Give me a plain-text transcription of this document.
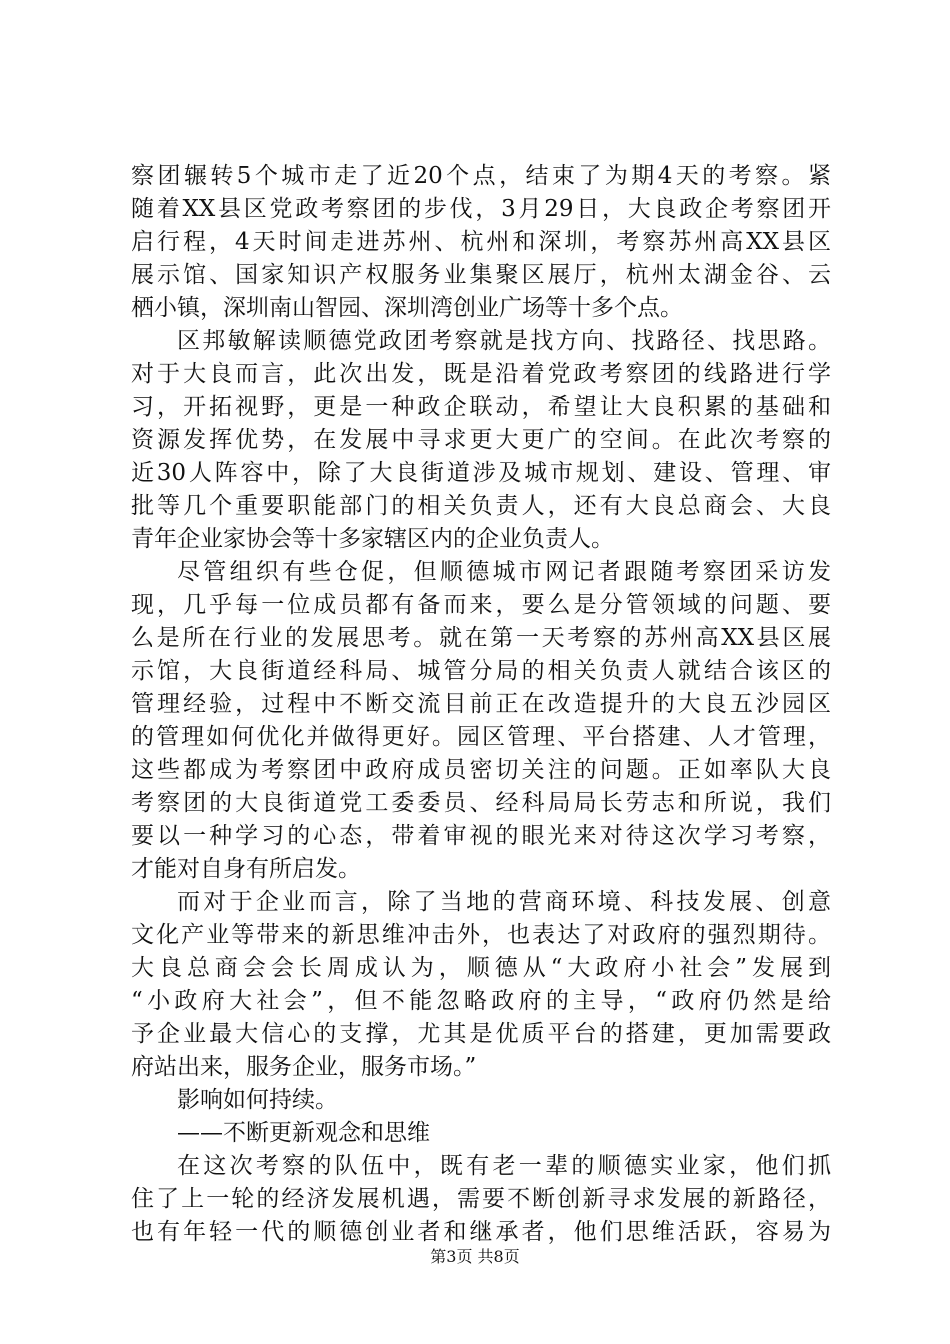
察团辗转5个城市走了近20个点，结束了为期4天的考察。紧
随着XX县区党政考察团的步伐，3月29日，大良政企考察团开
启行程，4天时间走进苏州、杭州和深圳，考察苏州高XX县区
展示馆、国家知识产权服务业集聚区展厅，杭州太湖金谷、云
栖小镇，深圳南山智园、深圳湾创业广场等十多个点。
区邦敏解读顺德党政团考察就是找方向、找路径、找思路。
对于大良而言，此次出发，既是沿着党政考察团的线路进行学
习，开拓视野，更是一种政企联动，希望让大良积累的基础和
资源发挥优势，在发展中寻求更大更广的空间。在此次考察的
近30人阵容中，除了大良街道涉及城市规划、建设、管理、审
批等几个重要职能部门的相关负责人，还有大良总商会、大良
青年企业家协会等十多家辖区内的企业负责人。
尽管组织有些仓促，但顺德城市网记者跟随考察团采访发
现，几乎每一位成员都有备而来，要么是分管领域的问题、要
么是所在行业的发展思考。就在第一天考察的苏州高XX县区展
示馆，大良街道经科局、城管分局的相关负责人就结合该区的
管理经验，过程中不断交流目前正在改造提升的大良五沙园区
的管理如何优化并做得更好。园区管理、平台搭建、人才管理，
这些都成为考察团中政府成员密切关注的问题。正如率队大良
考察团的大良街道党工委委员、经科局局长劳志和所说，我们
要以一种学习的心态，带着审视的眼光来对待这次学习考察，
才能对自身有所启发。
而对于企业而言，除了当地的营商环境、科技发展、创意
文化产业等带来的新思维冲击外，也表达了对政府的强烈期待。
大良总商会会长周成认为，顺德从“大政府小社会”发展到
“小政府大社会”，但不能忽略政府的主导，“政府仍然是给
予企业最大信心的支撑，尤其是优质平台的搭建，更加需要政
府站出来，服务企业，服务市场。”
影响如何持续。
——不断更新观念和思维
在这次考察的队伍中，既有老一辈的顺德实业家，他们抓
住了上一轮的经济发展机遇，需要不断创新寻求发展的新路径，
也有年轻一代的顺德创业者和继承者，他们思维活跃，容易为
第3页 共8页
